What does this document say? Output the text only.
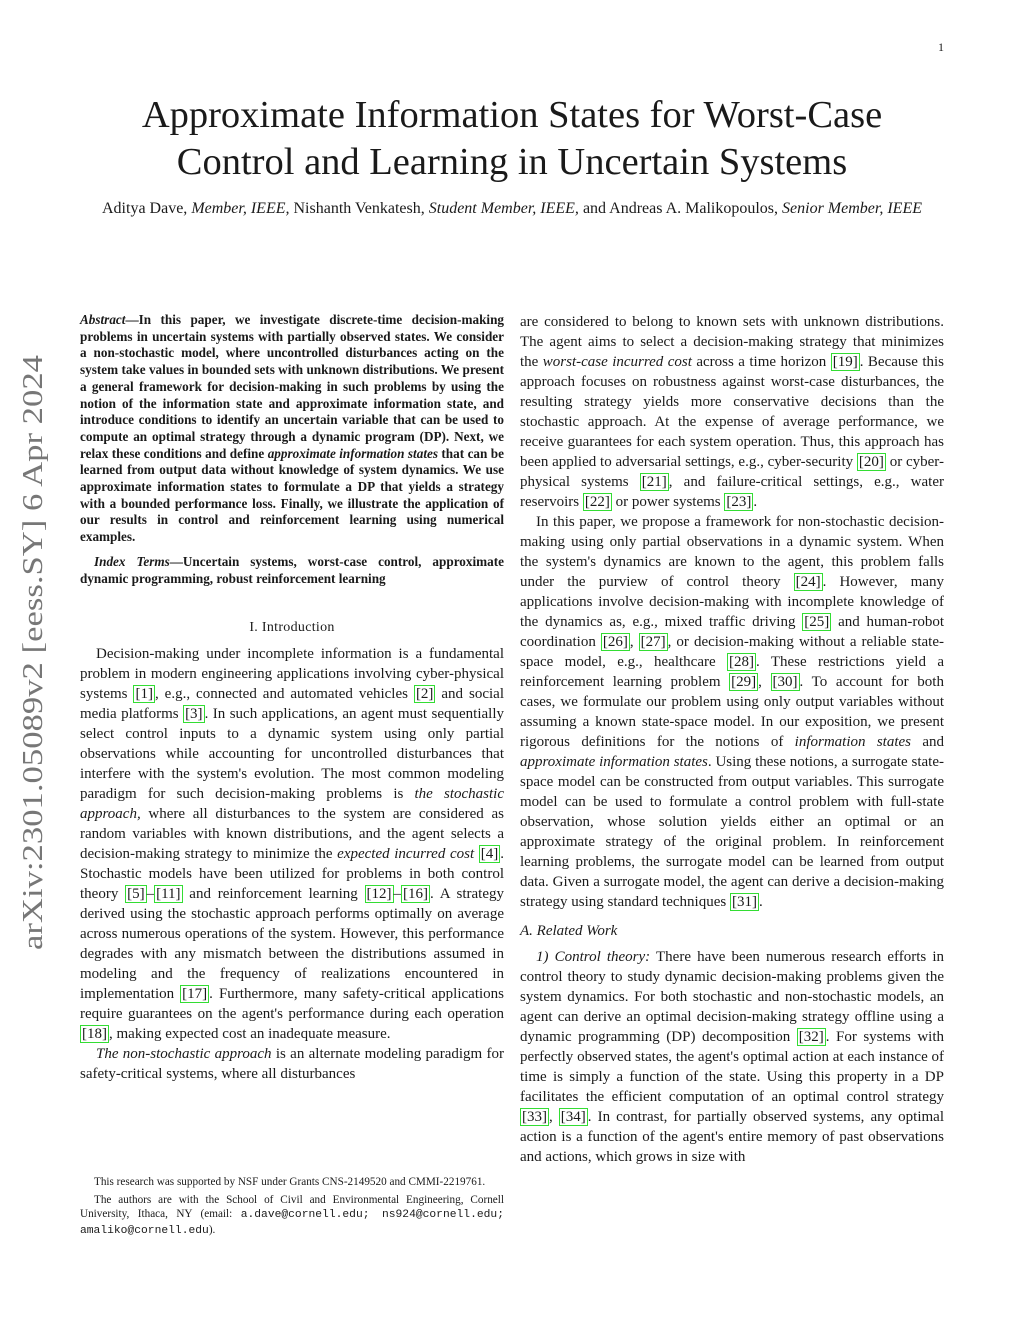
1
arXiv:2301.05089v2 [eess.SY] 6 Apr 2024
Approximate Information States for Worst-Case
Control and Learning in Uncertain Systems
Aditya Dave, Member, IEEE, Nishanth Venkatesh, Student Member, IEEE, and Andreas A. Malikopoulos, Senior Member, IEEE

Abstract—In this paper, we investigate discrete-time decision-making problems in uncertain systems with partially observed states. We consider a non-stochastic model, where uncontrolled disturbances acting on the system take values in bounded sets with unknown distributions. We present a general framework for decision-making in such problems by using the notion of the information state and approximate information state, and introduce conditions to identify an uncertain variable that can be used to compute an optimal strategy through a dynamic program (DP). Next, we relax these conditions and define approximate information states that can be learned from output data without knowledge of system dynamics. We use approximate information states to formulate a DP that yields a strategy with a bounded performance loss. Finally, we illustrate the application of our results in control and reinforcement learning using numerical examples.

Index Terms—Uncertain systems, worst-case control, approximate dynamic programming, robust reinforcement learning

I. Introduction

Decision-making under incomplete information is a fundamental problem in modern engineering applications involving cyber-physical systems [1] , e.g., connected and automated vehicles [2] and social media platforms [3] . In such applications, an agent must sequentially select control inputs to a dynamic system using only partial observations while accounting for uncontrolled disturbances that interfere with the system's evolution. The most common modeling paradigm for such decision-making problems is the stochastic approach, where all disturbances to the system are considered as random variables with known distributions, and the agent selects a decision-making strategy to minimize the expected incurred cost [4] . Stochastic models have been utilized for problems in both control theory [5] – [11] and reinforcement learning [12] – [16] . A strategy derived using the stochastic approach performs optimally on average across numerous operations of the system. However, this performance degrades with any mismatch between the distributions assumed in modeling and the frequency of realizations encountered in implementation [17] . Furthermore, many safety-critical applications require guarantees on the agent's performance during each operation [18] , making expected cost an inadequate measure.

The non-stochastic approach is an alternate modeling paradigm for safety-critical systems, where all disturbances

This research was supported by NSF under Grants CNS-2149520 and CMMI-2219761.

The authors are with the School of Civil and Environmental Engineering, Cornell University, Ithaca, NY (email: a.dave@cornell.edu; ns924@cornell.edu; amaliko@cornell.edu).

are considered to belong to known sets with unknown distributions. The agent aims to select a decision-making strategy that minimizes the worst-case incurred cost across a time horizon [19] . Because this approach focuses on robustness against worst-case disturbances, the resulting strategy yields more conservative decisions than the stochastic approach. At the expense of average performance, we receive guarantees for each system operation. Thus, this approach has been applied to adversarial settings, e.g., cyber-security [20] or cyber-physical systems [21] , and failure-critical settings, e.g., water reservoirs [22] or power systems [23] .

In this paper, we propose a framework for non-stochastic decision-making using only partial observations in a dynamic system. When the system's dynamics are known to the agent, this problem falls under the purview of control theory [24] . However, many applications involve decision-making with incomplete knowledge of the dynamics as, e.g., mixed traffic driving [25] and human-robot coordination [26] , [27] , or decision-making without a reliable state-space model, e.g., healthcare [28] . These restrictions yield a reinforcement learning problem [29] , [30] . To account for both cases, we formulate our problem using only output variables without assuming a known state-space model. In our exposition, we present rigorous definitions for the notions of information states and approximate information states. Using these notions, a surrogate state-space model can be constructed from output variables. This surrogate model can be used to formulate a control problem with full-state observation, whose solution yields either an optimal or an approximate strategy of the original problem. In reinforcement learning problems, the surrogate model can be learned from output data. Given a surrogate model, the agent can derive a decision-making strategy using standard techniques [31] .

A. Related Work

1) Control theory: There have been numerous research efforts in control theory to study dynamic decision-making problems given the system dynamics. For both stochastic and non-stochastic models, an agent can derive an optimal decision-making strategy offline using a dynamic programming (DP) decomposition [32] . For systems with perfectly observed states, the agent's optimal action at each instance of time is simply a function of the state. Using this property in a DP facilitates the efficient computation of an optimal control strategy [33] , [34] . In contrast, for partially observed systems, any optimal action is a function of the agent's entire memory of past observations and actions, which grows in size with
